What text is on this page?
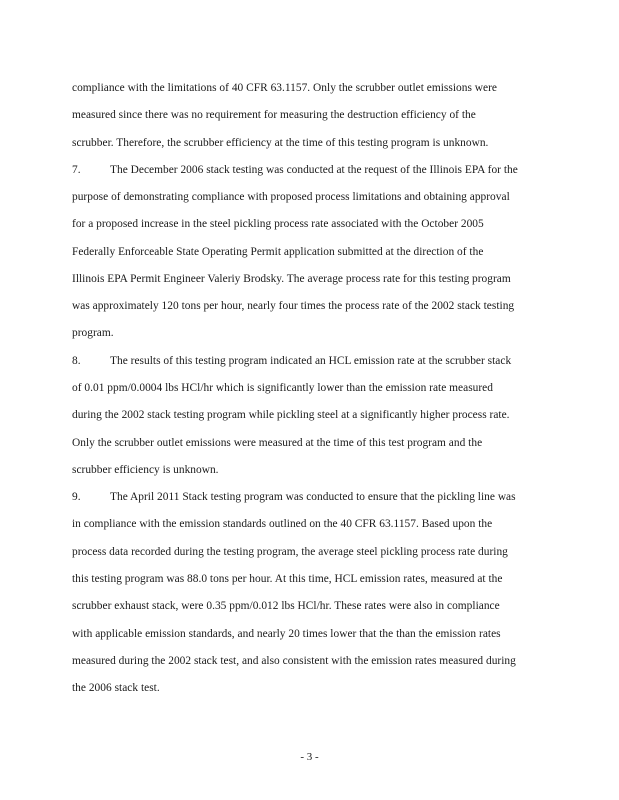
compliance with the limitations of 40 CFR 63.1157. Only the scrubber outlet emissions were
measured since there was no requirement for measuring the destruction efficiency of the
scrubber. Therefore, the scrubber efficiency at the time of this testing program is unknown.
7.	The December 2006 stack testing was conducted at the request of the Illinois EPA for the
purpose of demonstrating compliance with proposed process limitations and obtaining approval
for a proposed increase in the steel pickling process rate associated with the October 2005
Federally Enforceable State Operating Permit application submitted at the direction of the
Illinois EPA Permit Engineer Valeriy Brodsky. The average process rate for this testing program
was approximately 120 tons per hour, nearly four times the process rate of the 2002 stack testing
program.
8.	The results of this testing program indicated an HCL emission rate at the scrubber stack
of 0.01 ppm/0.0004 lbs HCl/hr which is significantly lower than the emission rate measured
during the 2002 stack testing program while pickling steel at a significantly higher process rate.
Only the scrubber outlet emissions were measured at the time of this test program and the
scrubber efficiency is unknown.
9.	The April 2011 Stack testing program was conducted to ensure that the pickling line was
in compliance with the emission standards outlined on the 40 CFR 63.1157. Based upon the
process data recorded during the testing program, the average steel pickling process rate during
this testing program was 88.0 tons per hour. At this time, HCL emission rates, measured at the
scrubber exhaust stack, were 0.35 ppm/0.012 lbs HCl/hr. These rates were also in compliance
with applicable emission standards, and nearly 20 times lower that the than the emission rates
measured during the 2002 stack test, and also consistent with the emission rates measured during
the 2006 stack test.
- 3 -
